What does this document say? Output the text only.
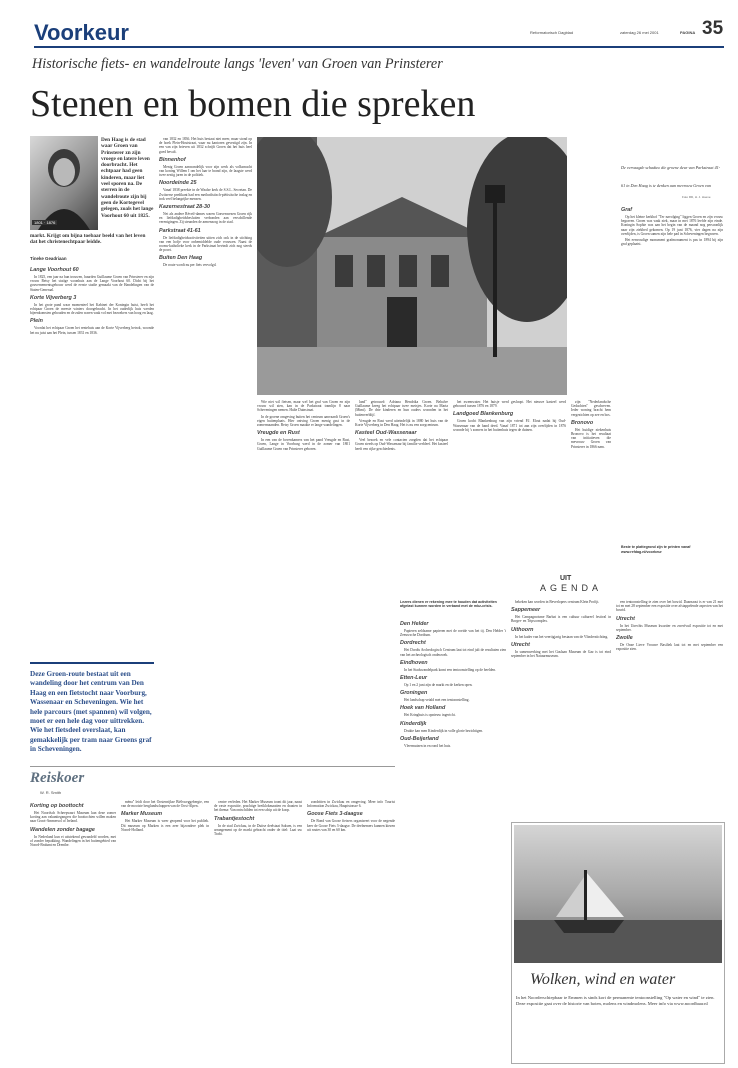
Voorkeur	Reformatorisch Dagblad	zaterdag 26 mei 2001	PAGINA 35
Historische fiets- en wandelroute langs 'leven' van Groen van Prinsterer
Stenen en bomen die spreken
1801 · 1876
Den Haag is de stad waar Groen van Prinsterer zn zijn vroege en latere leven doorbracht. Het echtpaar had geen kinderen, maar liet veel sporen na. De sterren in de wandelroute zijn bij geen de Kortegevel gelegen, zoals het lange Voorhout 60 uit 1825.
markt. Krijgt om bijna toebaar beeld van het leven dat het christenechtpaar leidde.
Tineke Geadriaan
Lange Voorhout 60

In 1825, een jaar na hun trouwen, huurden Guillaume Groen van Prinsterer en zijn vrouw Betsy het statige woonhuis aan de Lange Voorhout 60. Dicht bij het gouvernementsgebouw werd de eerste studie gemaakt van de Handelingen van de Staten-Generaal.

Korte Vijverberg 3

In het grote pand waar momenteel het Kabinet der Koningin huist, heeft het echtpaar Groen de meeste winters doorgebracht. In het ouderlijk huis werden bijeenkomsten gehouden en de zalen waren vaak vol met bezoekers van hoog en laag.

Plein

Voordat het echtpaar Groen het rentehuis aan de Korte Vijverberg betrok, woonde het nu juist aan het Plein, tussen 1831 en 1836.

Deze Groen-route bestaat uit een wandeling door het centrum van Den Haag en een fietstocht naar Voorburg, Wassenaar en Scheveningen. Wie het hele parcours (met spannen) wil volgen, moet er een hele dag voor uittrekken. Wie het fietsdeel overslaat, kan gemakkelijk per tram naar Groens graf in Scheveningen.

van 1832 en 1836. Het huis bestaat niet meer, maar stond op de hoek Plein-Houtstraat, waar nu kantoren gevestigd zijn. In een van zijn brieven uit 1832 schrijft Groen dat het huis heel goed bevalt.

Binnenhof

Menig Groen aanwandelijk voor zijn werk als volksmacht van koning Willem I om het laar te brand zijn, de laagste werd twee zestig jaren in de politiek.

Noordeinde 25

Vanaf 1838 preekte in de Waalse kerk de S.S.L. Secretan. De Zwitserse predikant had een methodistisch-piëtistische inslag en trok veel belangrijke mensen.

Kazernestraat 28-30

Net als andere Réveil-dames waren Gravenwezen Groen rijk en liefdadigheidsbesluiten verbonden aan verschillende verenigingen. Zij steunden de armenzorg in de stad.

Parkstraat 41-61

De liefdadigheidsactiviteiten uitten zich ook in de stichting van een hofje voor onbemiddelde oude vrouwen. Naast de rooms-katholieke kerk in de Parkstraat bevindt zich nog steeds de poort.

Buiten Den Haag

De route wordt nu per fiets vervolgd.

De vervaagde schaduw die groene deur van Parkstraat 41-61 in Den Haag is te denken aan mevrouw Groen van
Foto RD, H. J. Hoeve

Wie niet wil fietsen, maar wel het graf van Groen en zijn vrouw wil zien, kan in de Parkstraat tramlijn 8 naar Scheveningen nemen. Halte Duinstraat.

In de groene omgeving buiten het centrum aanvaardt Groen's eigen buitenplaats. Hier ontving Groen menig gast in de zomermaanden. Betsy Groen maakte er lange wandelingen.

Vreugde en Rust

In een van de bovenkamers van het pand Vreugde en Rust, Groen, Lange in Voorburg werd in de zomer van 1801 Guillaume Groen van Prinsterer geboren.

land" getrouwd: Adriana Hendrika Groen. Behalve Guillaume kreeg het echtpaar twee meisjes. Korte na Maria (Mimi). De drie kinderen en hun ouders woonden in het buitenverblijf.

Vreugde en Rust werd uiteindelijk in 1880 het huis van de Korte Vijverberg in Den Haag. Het is nu een zorgcentrum.

Kasteel Oud-Wassenaar

Veel bezoek en vele contacten zorgden dat het echtpaar Groen steeds op Oud-Wassenaar bij familie verbleef. Het kasteel heeft een rijke geschiedenis.

het zwemwater. Het huisje werd gesloopt. Het nieuwe kasteel werd gebouwd tussen 1876 en 1879.

Landgoed Blankenburg

Groen kocht Blankenburg van zijn vriend P.J. Elout nadat hij Oud-Wassenaar van de hand deed. Vanaf 1871 tot aan zijn overlijden in 1876 woonde hij 's zomers in het buitenhuis tegen de duinen.

zijn "Nederlandsche Gedachten" geschreven. Ieder woning bracht hem vergezichten op zee en bos.

Bronovo

Het huidige ziekenhuis Bronovo is het resultaat van initiatieven die mevrouw Groen van Prinsterer in 1866 nam.

Graf

Op het kleine kerkhof "Ter navolging" liggen Groen en zijn vrouw begraven. Groen was vaak ziek, maar in mei 1876 leefde zijn einde. Koningin Sophie was aan het begin van de maand nog persoonlijk naar zijn ziekbed gekomen. Op 19 juni 1876, vier dagen na zijn overlijden, is Groen samen zijn hele pad in Scheveningen begraven.

Het eenvoudige monument grafmonument is pas in 1894 bij zijn graf geplaatst.

Beste te plattegrond zijn te printen vanaf
www.refdag.nl/voorkeur
Reiskoer
W. R. Smith
Korting op boottocht

Het Noordsch Scheepvaart Museum kan deze zomer korting aan vakantiegangers die boottochten willen maken naar Groot-Ammersol of Ireland.

Wandelen zonder bagage

In Nederland kun ei uitstekend gewandeld worden, met of zonder bepakking. Wandelingen in het buitengebied van Noord-Brabant en Drenthe.

ména" leidt door het Oostenrijkse Biëlsweggebergte, een van de mooiste berglandschappen van de Oost-Alpen.

Marker Museum

Het Marker Museum is weer geopend voor het publiek. Dit museum op Marken is een zeer bijzondere plek in Noord-Holland.

centre verleden. Het Marker Museum toont dit jaar, naast de vaste expositie, prachtige breiklokmaatten en draaien in het thema: Van ontschilden tot een schip uit de koop.

Trabantjestocht

In de stad Zwickau, in de Duitse deelstaat Saksen, is een arrangement op de markt gebracht onder de titel: Laat uw Trabi.

zondritten in Zwickau en omgeving. Meer info Tourist Information Zwickau, Hauptstrasse 6.

Goose Fiets 3-daagse

De Bond van Goose fietsers organiseert voor de negende keer de Goose Fiets 3-daagse. De deelnemers kunnen kiezen uit routes van 30 en 60 km.

UIT
AGENDA
Lezers dienen er rekening mee te houden dat activiteiten afgelast kunnen worden in verband met de mkz-crisis.
Den Helder

Papieren zeldzame papieren met de roeide van het tij. Den Helder 't Zeeuwsche Dordtum.

Dordrecht

Het Dordts Archeologisch Centrum laat tot eind juli de resultaten zien van het archeologisch onderzoek.

Eindhoven

In het Stadswandelpark komt een tentoonstelling op de beelden.

Etten-Leur

Op 1 en 2 juni zijn de markt en de kerken open.

Groningen

Het landschap veiald met een tentoonstelling.

Hoek van Holland

Het Kringhuis is opnieuw ingericht.

Kinderdijk

Drukte kan men Kinderdijk in volle glorie bezichtigen.

Oud-Beijerland

Vleermuizen in en rond het huis.

bekeken kan worden in Beverlopers centrum Klein Profijt.

Sappemeer

Het Campagnoisme Barbat is een cultuur cultureel festival in Borger- en Tripscomplex.

Uithoorn

In het kader van het veertigjarig bestaan van de Vlinderstichting.

Utrecht

In samenwerking met het Gaslaan Museum de Gaz is tot eind september in het Natuurmuseum.

een tentoonstelling te zien over het bosrid. Daarnaast is er van 21 mei tot en met 28 september een expositie over afstappelende aspecten van het bosrid.

Utrecht

In het Utrechts Museum kwartier en zwerfvuil expositie tot en met september.

Zwolle

De Onze Lieve Vrouwe Basiliek laat tot en met september een expositie zien.

Wolken, wind en water
In het Noorderschiepbaar te Emmen is sinds kort de permanente tentoonstelling "Op water en wind" te zien. Deze expositie gaat over de historie van boten, molens en windmolens. Meer info via www.noordbaar.nl
